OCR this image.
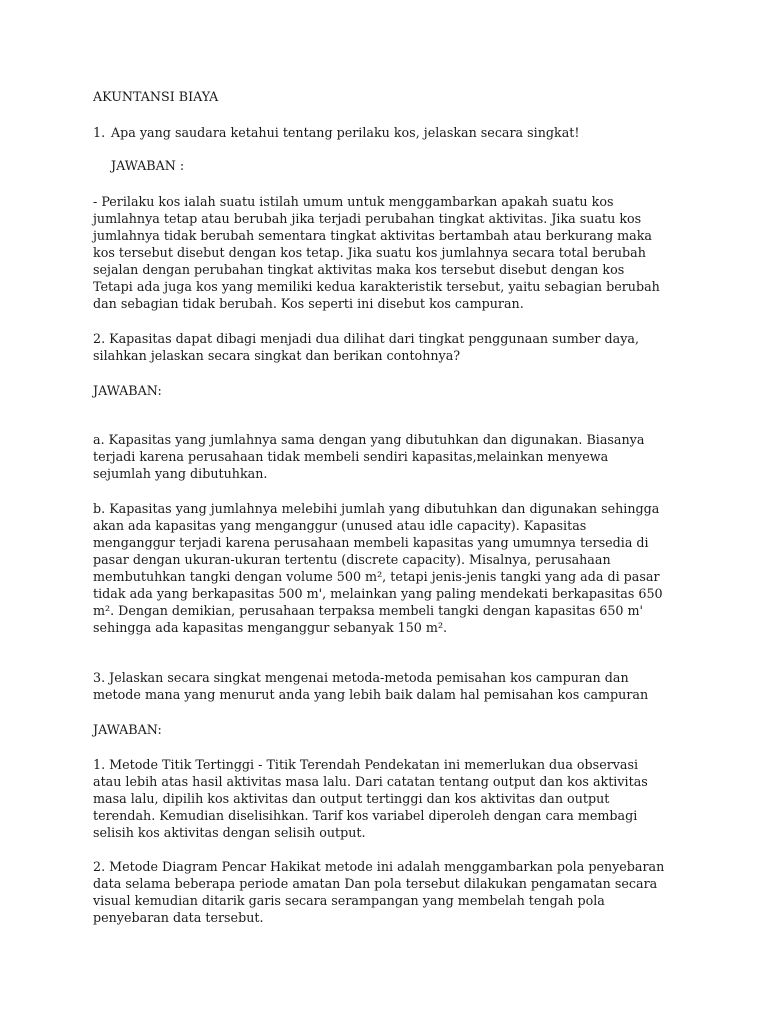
AKUNTANSI BIAYA
1. Apa yang saudara ketahui tentang perilaku kos, jelaskan secara singkat!
JAWABAN :
- Perilaku kos ialah suatu istilah umum untuk menggambarkan apakah suatu kos
jumlahnya tetap atau berubah jika terjadi perubahan tingkat aktivitas. Jika suatu kos
jumlahnya tidak berubah sementara tingkat aktivitas bertambah atau berkurang maka
kos tersebut disebut dengan kos tetap. Jika suatu kos jumlahnya secara total berubah
sejalan dengan perubahan tingkat aktivitas maka kos tersebut disebut dengan kos
Tetapi ada juga kos yang memiliki kedua karakteristik tersebut, yaitu sebagian berubah
dan sebagian tidak berubah. Kos seperti ini disebut kos campuran.
2. Kapasitas dapat dibagi menjadi dua dilihat dari tingkat penggunaan sumber daya,
silahkan jelaskan secara singkat dan berikan contohnya?
JAWABAN:
a. Kapasitas yang jumlahnya sama dengan yang dibutuhkan dan digunakan. Biasanya
terjadi karena perusahaan tidak membeli sendiri kapasitas,melainkan menyewa
sejumlah yang dibutuhkan.
b. Kapasitas yang jumlahnya melebihi jumlah yang dibutuhkan dan digunakan sehingga
akan ada kapasitas yang menganggur (unused atau idle capacity). Kapasitas
menganggur terjadi karena perusahaan membeli kapasitas yang umumnya tersedia di
pasar dengan ukuran-ukuran tertentu (discrete capacity). Misalnya, perusahaan
membutuhkan tangki dengan volume 500 m², tetapi jenis-jenis tangki yang ada di pasar
tidak ada yang berkapasitas 500 m', melainkan yang paling mendekati berkapasitas 650
m². Dengan demikian, perusahaan terpaksa membeli tangki dengan kapasitas 650 m'
sehingga ada kapasitas menganggur sebanyak 150 m².
3. Jelaskan secara singkat mengenai metoda-metoda pemisahan kos campuran dan
metode mana yang menurut anda yang lebih baik dalam hal pemisahan kos campuran
JAWABAN:
1. Metode Titik Tertinggi - Titik Terendah Pendekatan ini memerlukan dua observasi
atau lebih atas hasil aktivitas masa lalu. Dari catatan tentang output dan kos aktivitas
masa lalu, dipilih kos aktivitas dan output tertinggi dan kos aktivitas dan output
terendah. Kemudian diselisihkan. Tarif kos variabel diperoleh dengan cara membagi
selisih kos aktivitas dengan selisih output.
2. Metode Diagram Pencar Hakikat metode ini adalah menggambarkan pola penyebaran
data selama beberapa periode amatan Dan pola tersebut dilakukan pengamatan secara
visual kemudian ditarik garis secara serampangan yang membelah tengah pola
penyebaran data tersebut.
